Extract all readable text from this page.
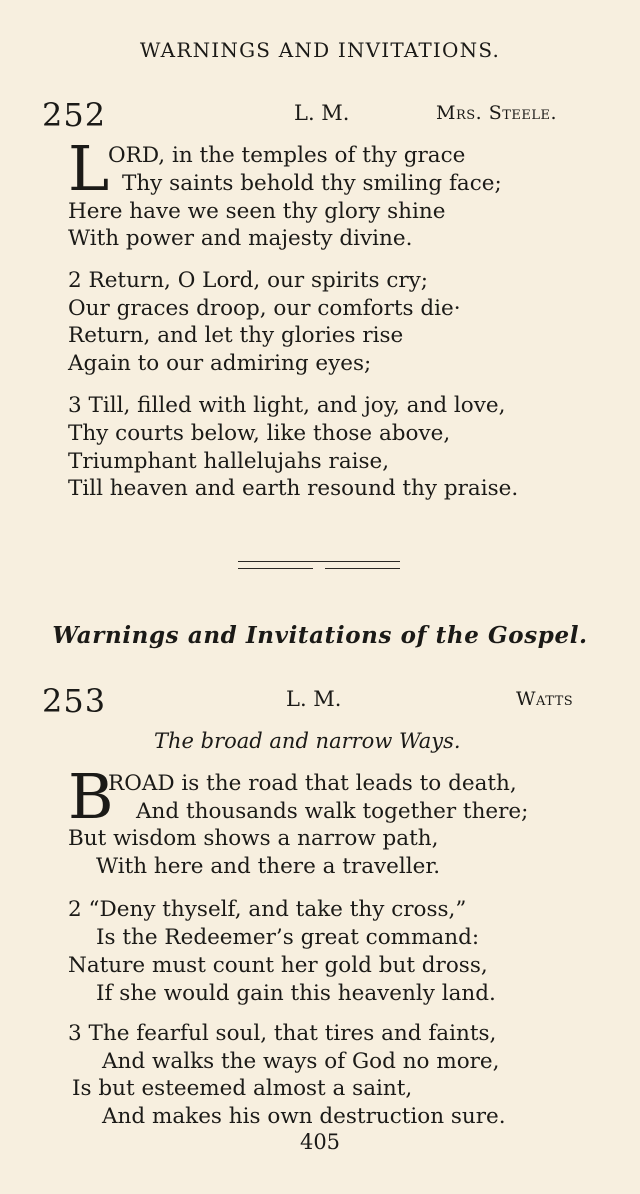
WARNINGS AND INVITATIONS.
252	L. M.	Mrs. Steele.
L
ORD, in the temples of thy grace
Thy saints behold thy smiling face;
Here have we seen thy glory shine
With power and majesty divine.
2 Return, O Lord, our spirits cry;
Our graces droop, our comforts die·
Return, and let thy glories rise
Again to our admiring eyes;
3 Till, filled with light, and joy, and love,
Thy courts below, like those above,
Triumphant hallelujahs raise,
Till heaven and earth resound thy praise.
Warnings and Invitations of the Gospel.
253	L. M.	Watts
The broad and narrow Ways.
B
ROAD is the road that leads to death,
And thousands walk together there;
But wisdom shows a narrow path,
With here and there a traveller.
2 “Deny thyself, and take thy cross,”
Is the Redeemer’s great command:
Nature must count her gold but dross,
If she would gain this heavenly land.
3 The fearful soul, that tires and faints,
And walks the ways of God no more,
Is but esteemed almost a saint,
And makes his own destruction sure.
405
